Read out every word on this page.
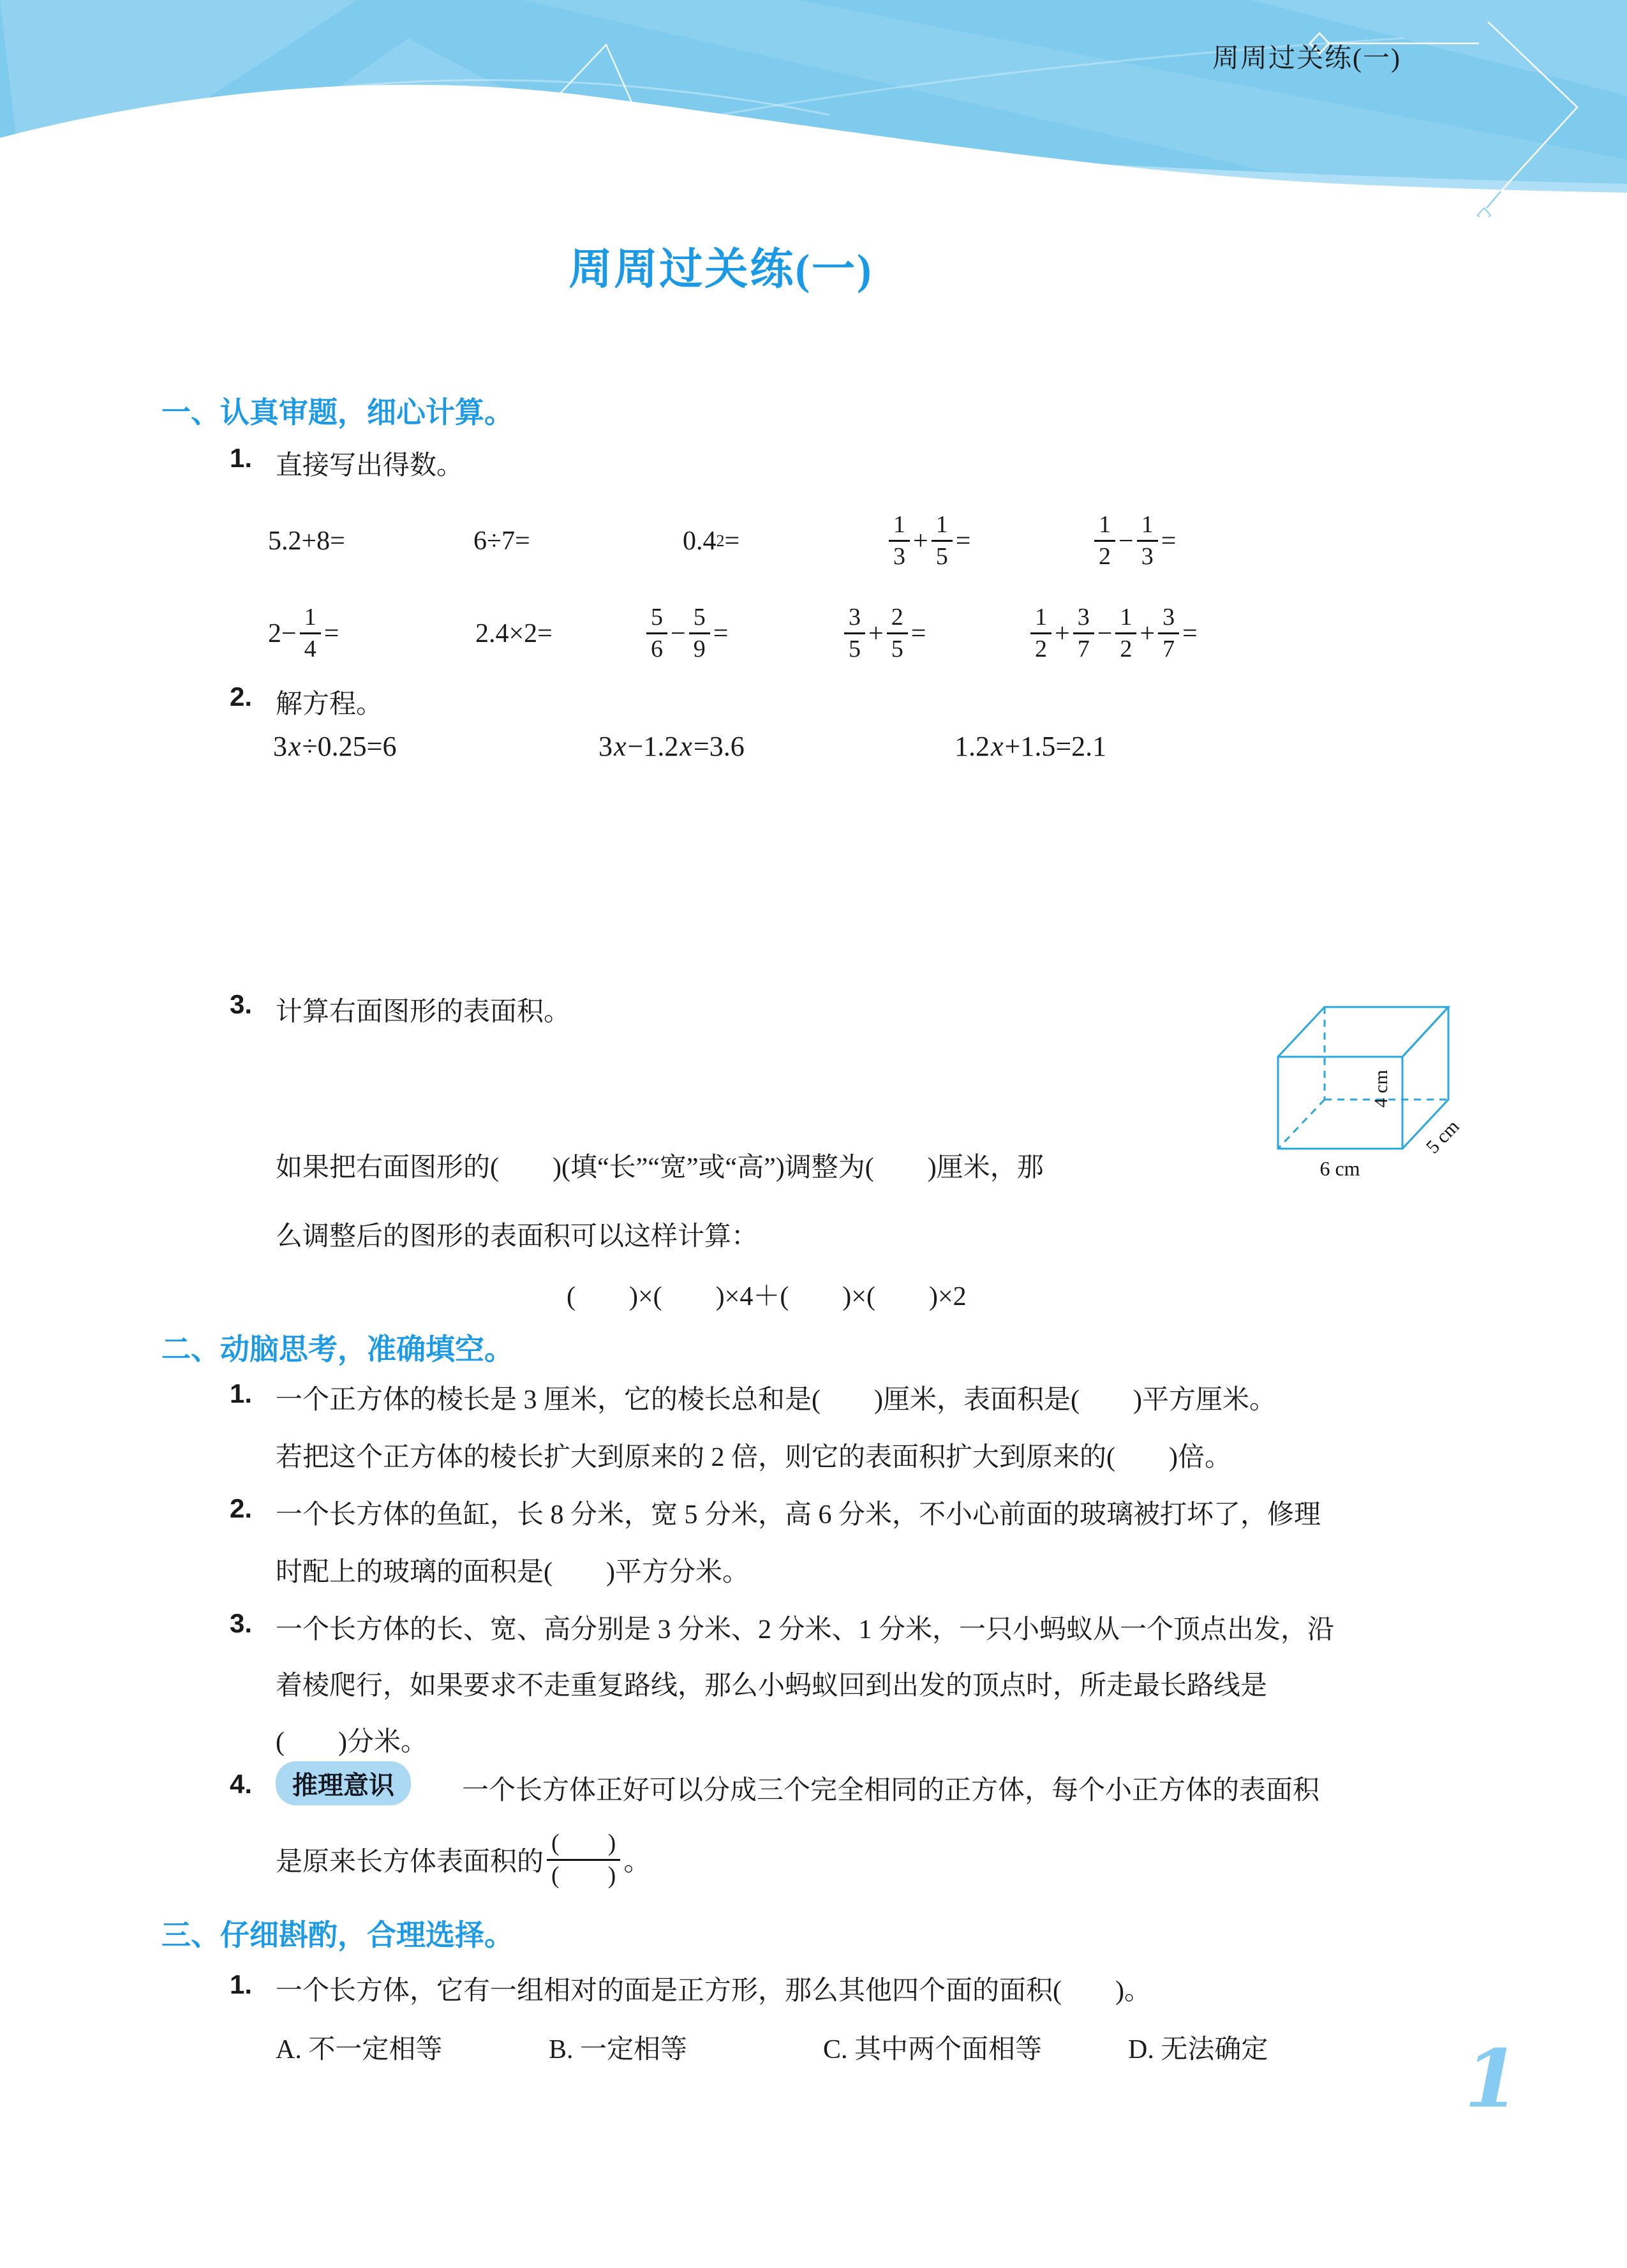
周周过关练(一)
周周过关练(一)
一、认真审题，细心计算。
1. 直接写出得数。
5.2+8=	6÷7=	0.4 2 =	$\frac{1}{3} + \frac{1}{5}$ =	$\frac{1}{2} - \frac{1}{3}$ =
$2- \frac{1}{4}$ =	2.4×2=	$\frac{5}{6} - \frac{5}{9}$ =	$\frac{3}{5} + \frac{2}{5}$ =	$\frac{1}{2} + \frac{3}{7} - \frac{1}{2} + \frac{3}{7}$ =
2. 解方程。
3 x ÷0.25=6	3 x −1.2 x =3.6	1.2 x +1.5=2.1
3. 计算右面图形的表面积。
4 cm
5 cm
6 cm
如果把右面图形的(　　)(填“长”“宽”或“高”)调整为(　　)厘米，那
么调整后的图形的表面积可以这样计算：
(　　)×(　　)×4＋(　　)×(　　)×2
二、动脑思考，准确填空。
1. 一个正方体的棱长是 3 厘米，它的棱长总和是(　　)厘米，表面积是(　　)平方厘米。
若把这个正方体的棱长扩大到原来的 2 倍，则它的表面积扩大到原来的(　　)倍。
2. 一个长方体的鱼缸，长 8 分米，宽 5 分米，高 6 分米，不小心前面的玻璃被打坏了，修理
时配上的玻璃的面积是(　　)平方分米。
3. 一个长方体的长、宽、高分别是 3 分米、2 分米、1 分米，一只小蚂蚁从一个顶点出发，沿
着棱爬行，如果要求不走重复路线，那么小蚂蚁回到出发的顶点时，所走最长路线是
(　　)分米。
4.	推理意识	一个长方体正好可以分成三个完全相同的正方体，每个小正方体的表面积
是原来长方体表面积的 $\frac{( )}{( )}$ 。
三、仔细斟酌，合理选择。
1. 一个长方体，它有一组相对的面是正方形，那么其他四个面的面积(　　)。
A. 不一定相等	B. 一定相等	C. 其中两个面相等	D. 无法确定 1
